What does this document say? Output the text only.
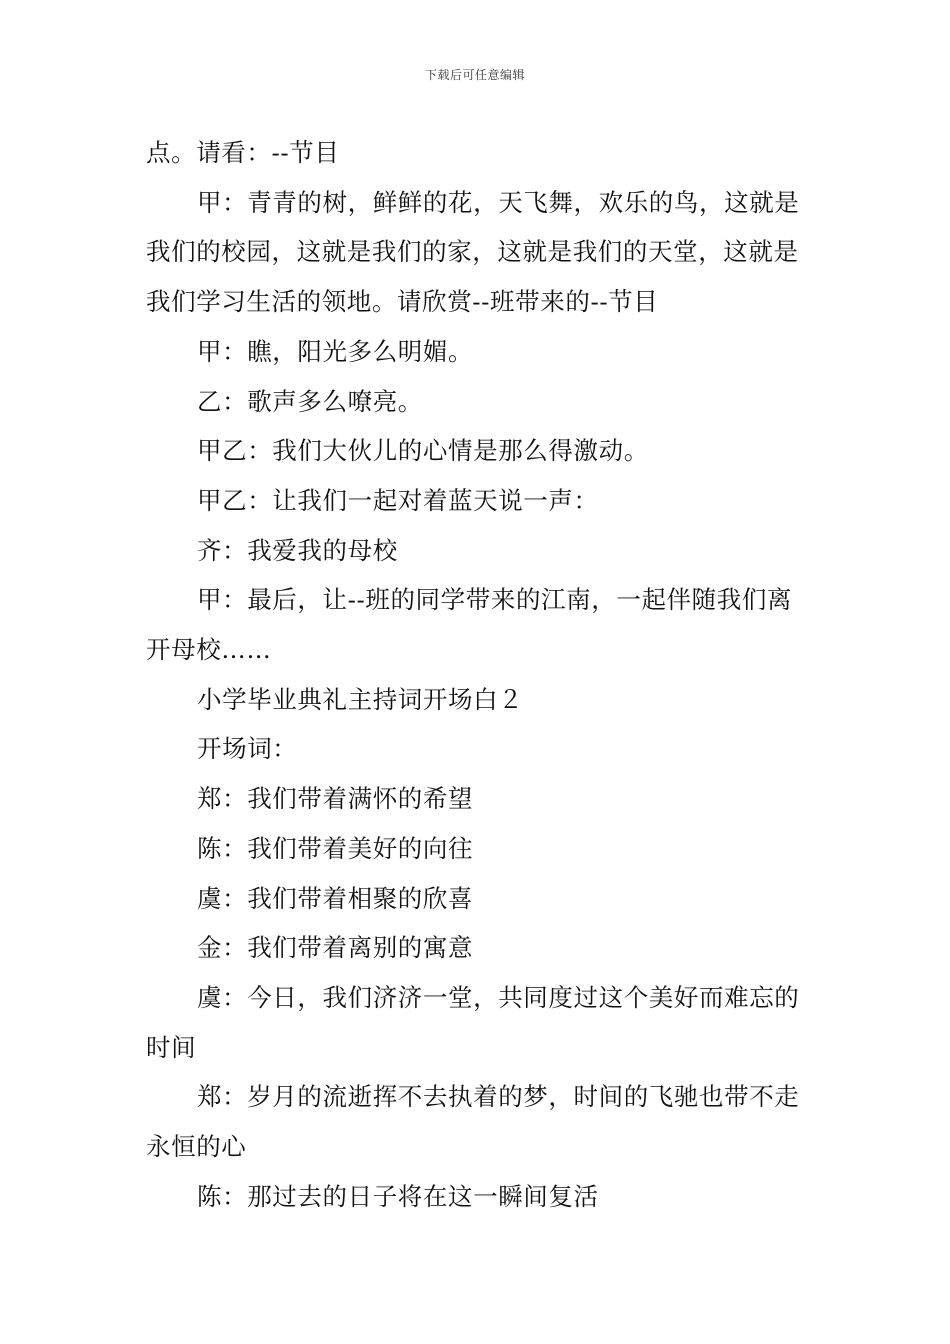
下载后可任意编辑

点。请看：--节目

甲：青青的树，鲜鲜的花，天飞舞，欢乐的鸟，这就是我们的校园，这就是我们的家，这就是我们的天堂，这就是我们学习生活的领地。请欣赏--班带来的--节目

甲：瞧，阳光多么明媚。

乙：歌声多么嘹亮。

甲乙：我们大伙儿的心情是那么得激动。

甲乙：让我们一起对着蓝天说一声：

齐：我爱我的母校

甲：最后，让--班的同学带来的江南，一起伴随我们离开母校……

小学毕业典礼主持词开场白２

开场词：

郑：我们带着满怀的希望

陈：我们带着美好的向往

虞：我们带着相聚的欣喜

金：我们带着离别的寓意

虞：今日，我们济济一堂，共同度过这个美好而难忘的时间

郑：岁月的流逝挥不去执着的梦，时间的飞驰也带不走永恒的心

陈：那过去的日子将在这一瞬间复活
